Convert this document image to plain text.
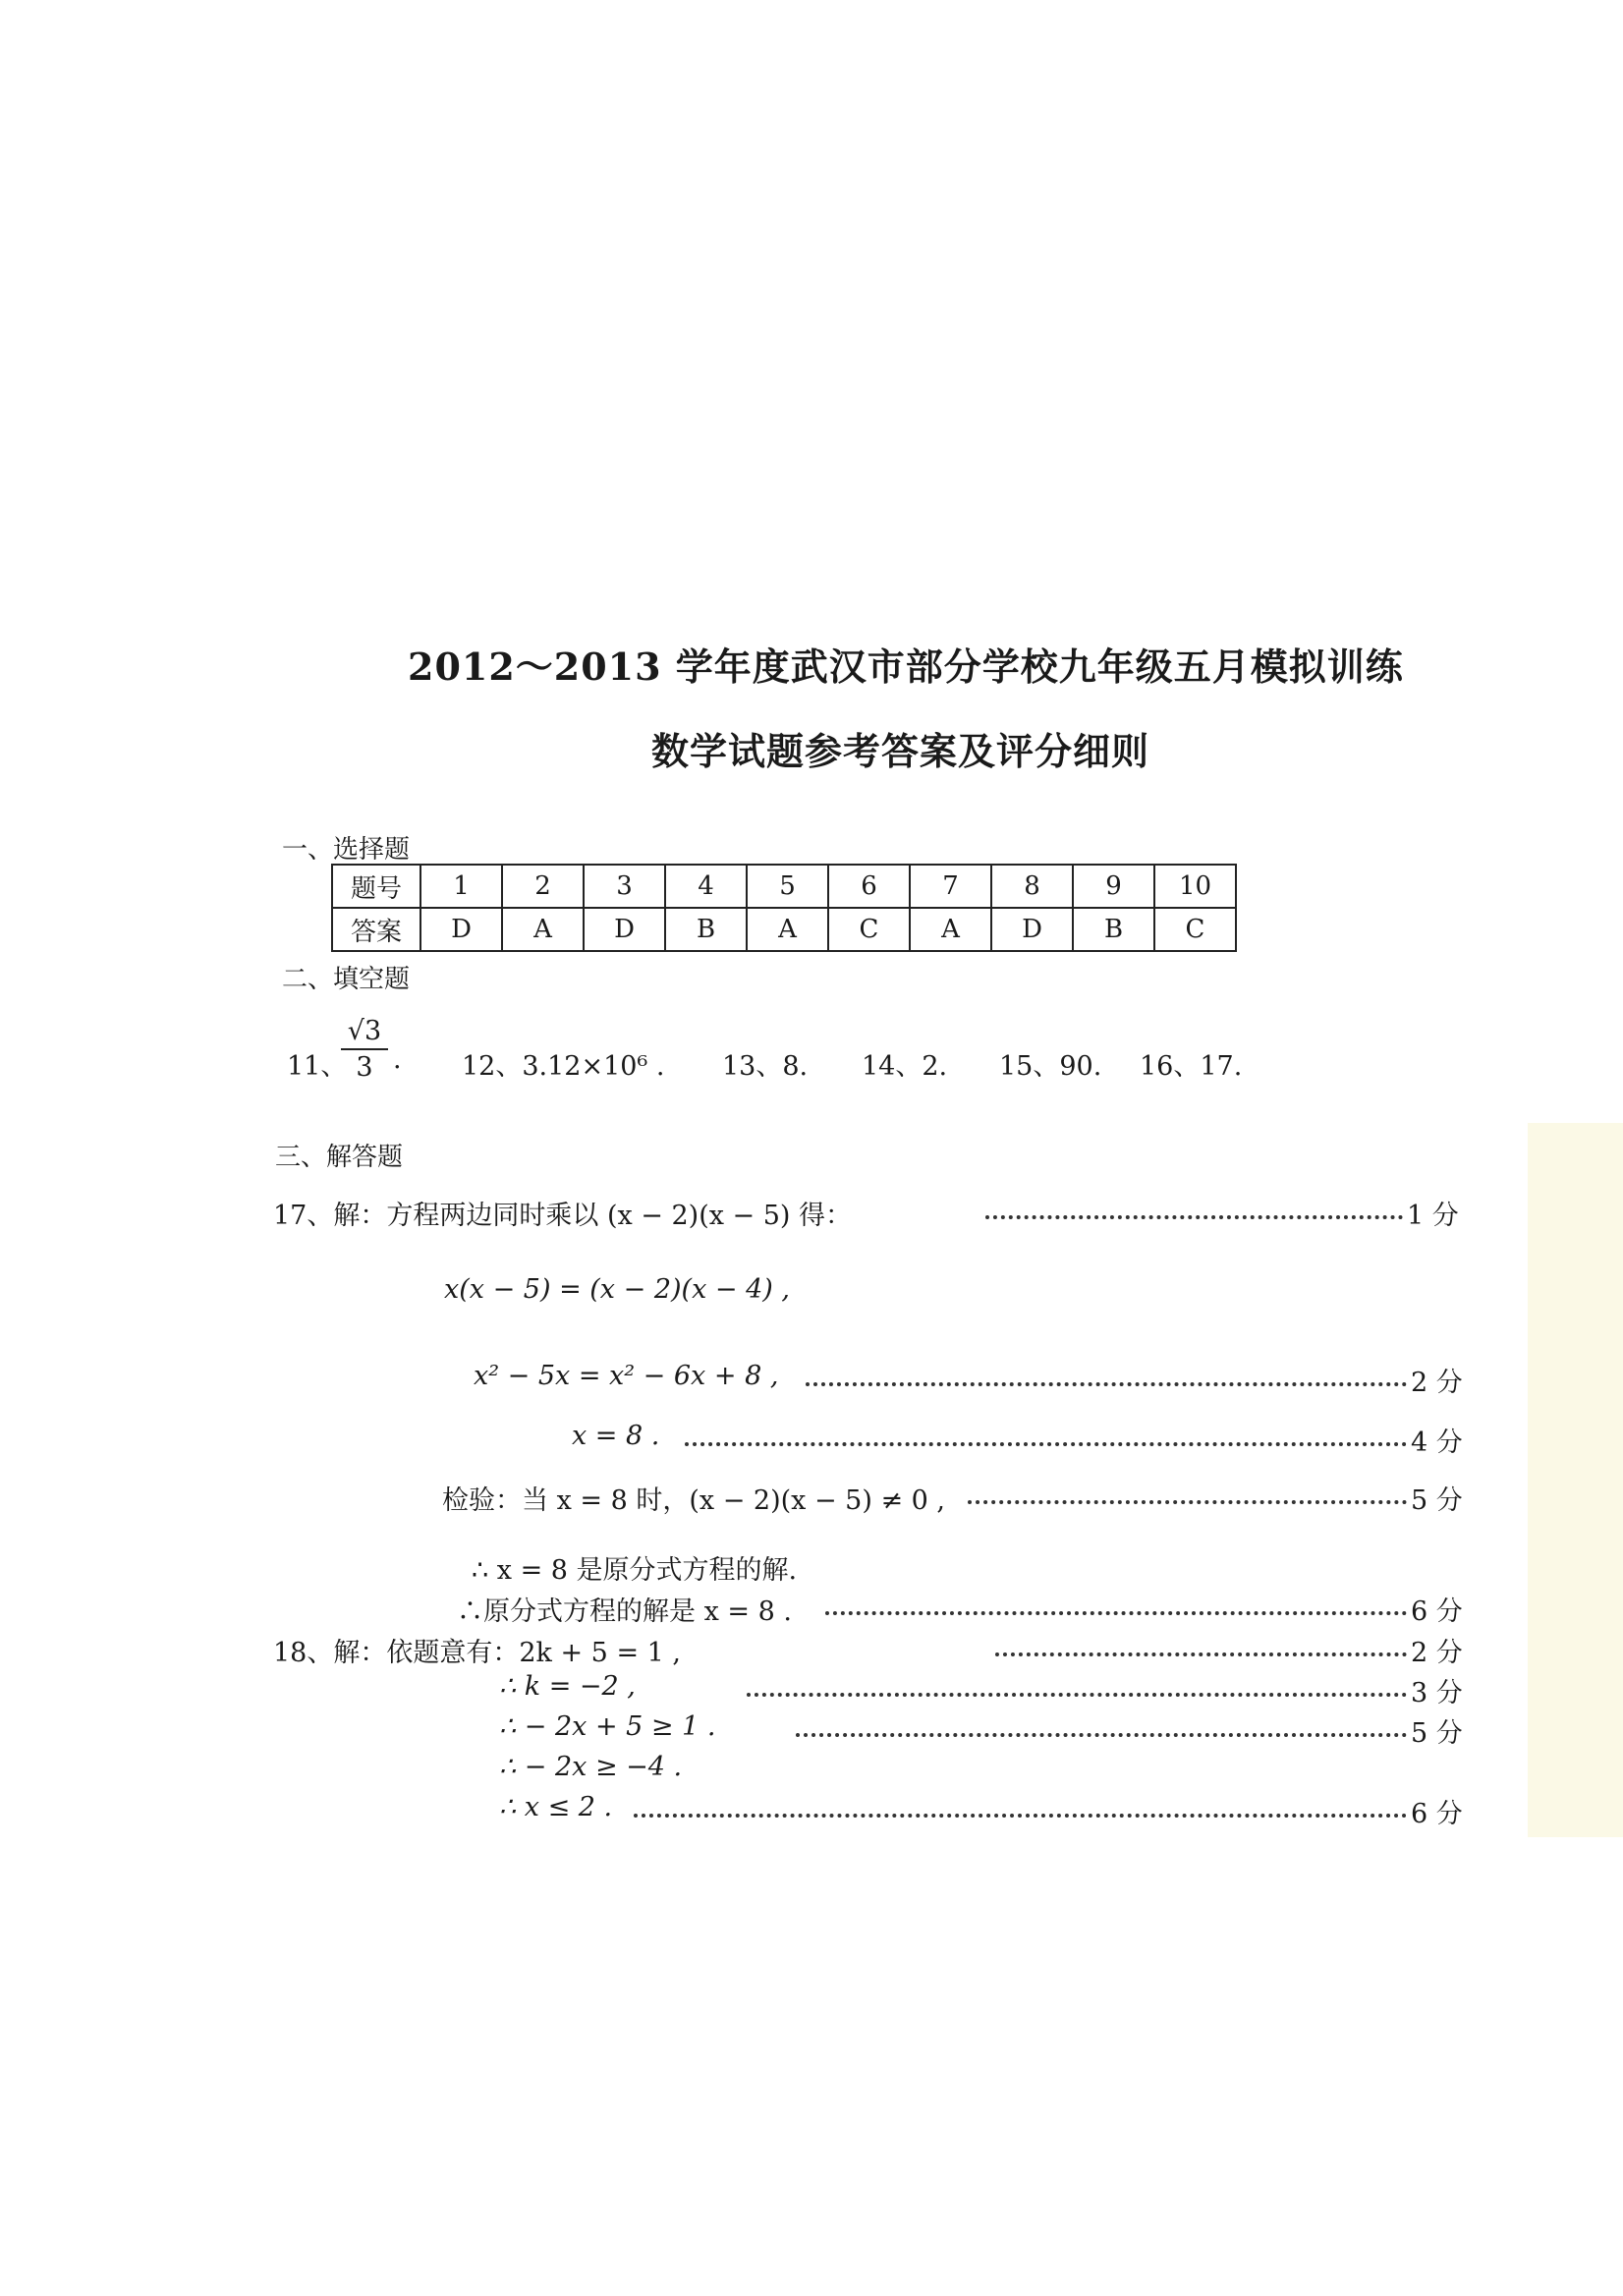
2012～2013 学年度武汉市部分学校九年级五月模拟训练
数学试题参考答案及评分细则
一、选择题
题号	1	2	3	4	5	6	7	8	9	10
答案	D	A	D	B	A	C	A	D	B	C
二、填空题
11、
$\frac{√3}{3}$ . 12、3.12×10⁶ . 13、8. 14、2. 15、90. 16、17.
三、解答题
17、解：方程两边同时乘以 (x − 2)(x − 5) 得：	1 分
x(x − 5) = (x − 2)(x − 4) ,
x² − 5x = x² − 6x + 8 ,	2 分
x = 8 .	4 分
检验：当 x = 8 时，(x − 2)(x − 5) ≠ 0 ,	5 分
∴ x = 8 是原分式方程的解.
∴原分式方程的解是 x = 8 .	6 分
18、解：依题意有：2k + 5 = 1 ,	2 分
∴ k = −2 ,	3 分
∴ − 2x + 5 ≥ 1 .	5 分
∴ − 2x ≥ −4 .
∴ x ≤ 2 .	6 分
